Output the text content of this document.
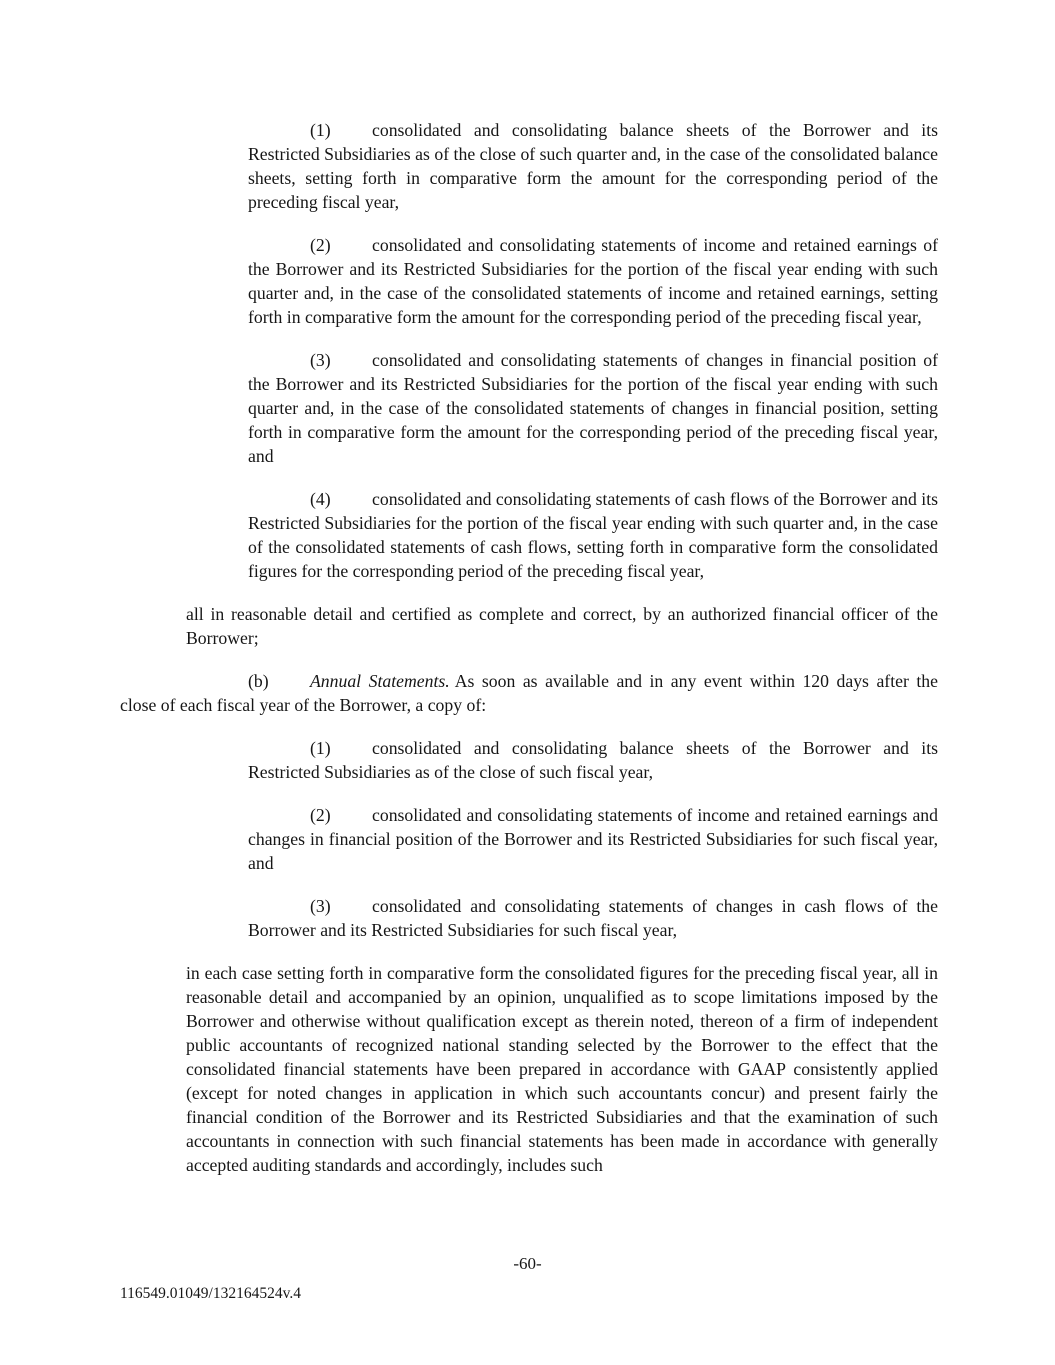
(1) consolidated and consolidating balance sheets of the Borrower and its Restricted Subsidiaries as of the close of such quarter and, in the case of the consolidated balance sheets, setting forth in comparative form the amount for the corresponding period of the preceding fiscal year,

(2) consolidated and consolidating statements of income and retained earnings of the Borrower and its Restricted Subsidiaries for the portion of the fiscal year ending with such quarter and, in the case of the consolidated statements of income and retained earnings, setting forth in comparative form the amount for the corresponding period of the preceding fiscal year,

(3) consolidated and consolidating statements of changes in financial position of the Borrower and its Restricted Subsidiaries for the portion of the fiscal year ending with such quarter and, in the case of the consolidated statements of changes in financial position, setting forth in comparative form the amount for the corresponding period of the preceding fiscal year, and

(4) consolidated and consolidating statements of cash flows of the Borrower and its Restricted Subsidiaries for the portion of the fiscal year ending with such quarter and, in the case of the consolidated statements of cash flows, setting forth in comparative form the consolidated figures for the corresponding period of the preceding fiscal year,

all in reasonable detail and certified as complete and correct, by an authorized financial officer of the Borrower;

(b) Annual Statements. As soon as available and in any event within 120 days after the close of each fiscal year of the Borrower, a copy of:

(1) consolidated and consolidating balance sheets of the Borrower and its Restricted Subsidiaries as of the close of such fiscal year,

(2) consolidated and consolidating statements of income and retained earnings and changes in financial position of the Borrower and its Restricted Subsidiaries for such fiscal year, and

(3) consolidated and consolidating statements of changes in cash flows of the Borrower and its Restricted Subsidiaries for such fiscal year,

in each case setting forth in comparative form the consolidated figures for the preceding fiscal year, all in reasonable detail and accompanied by an opinion, unqualified as to scope limitations imposed by the Borrower and otherwise without qualification except as therein noted, thereon of a firm of independent public accountants of recognized national standing selected by the Borrower to the effect that the consolidated financial statements have been prepared in accordance with GAAP consistently applied (except for noted changes in application in which such accountants concur) and present fairly the financial condition of the Borrower and its Restricted Subsidiaries and that the examination of such accountants in connection with such financial statements has been made in accordance with generally accepted auditing standards and accordingly, includes such

-60-
116549.01049/132164524v.4
